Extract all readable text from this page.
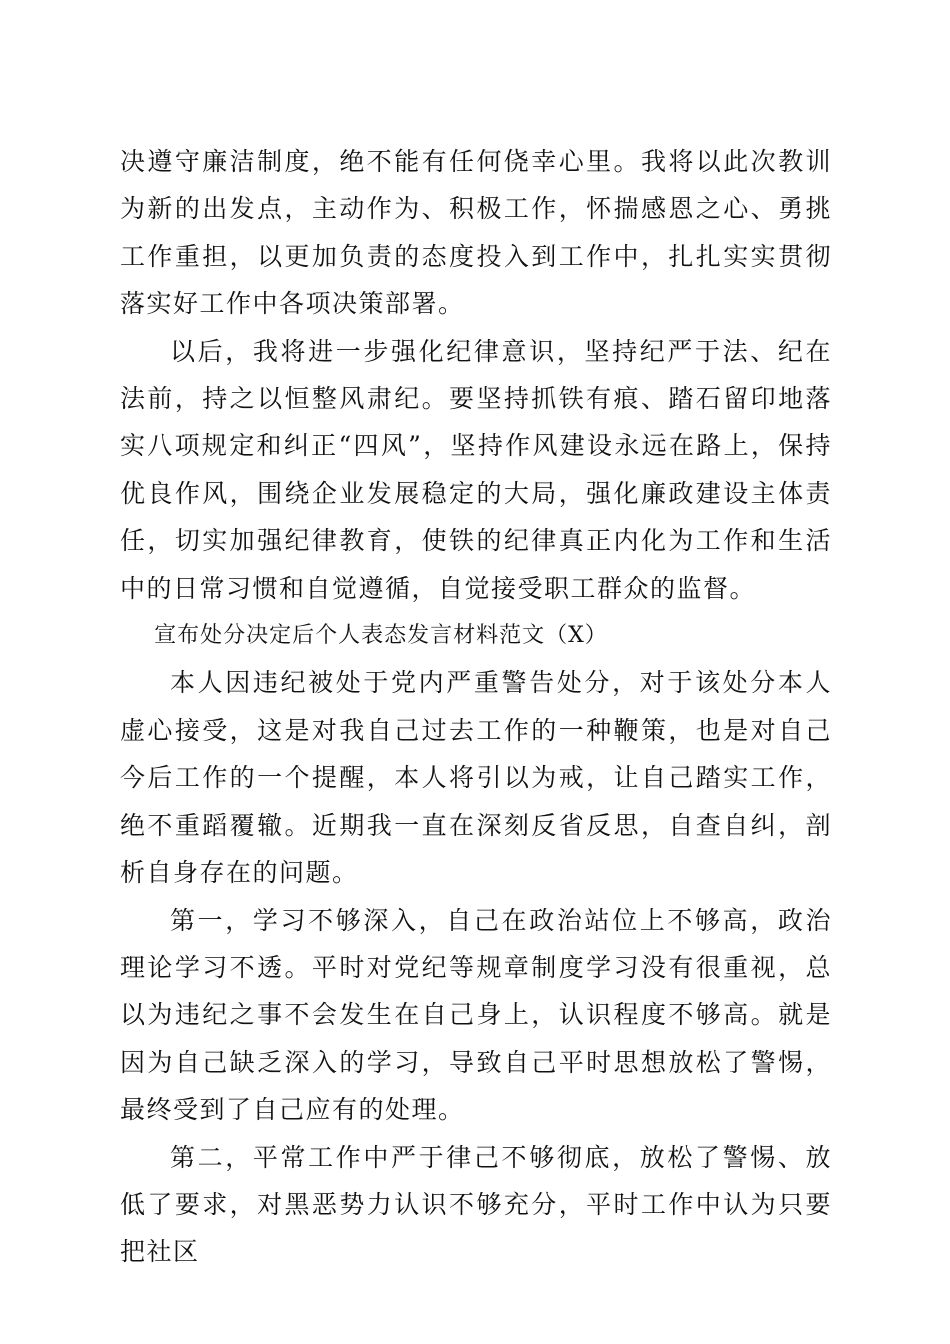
决遵守廉洁制度，绝不能有任何侥幸心里。我将以此次教训为新的出发点，主动作为、积极工作，怀揣感恩之心、勇挑工作重担，以更加负责的态度投入到工作中，扎扎实实贯彻落实好工作中各项决策部署。

以后，我将进一步强化纪律意识，坚持纪严于法、纪在法前，持之以恒整风肃纪。要坚持抓铁有痕、踏石留印地落实八项规定和纠正“四风”，坚持作风建设永远在路上，保持优良作风，围绕企业发展稳定的大局，强化廉政建设主体责任，切实加强纪律教育，使铁的纪律真正内化为工作和生活中的日常习惯和自觉遵循，自觉接受职工群众的监督。

宣布处分决定后个人表态发言材料范文（X）

本人因违纪被处于党内严重警告处分，对于该处分本人虚心接受，这是对我自己过去工作的一种鞭策，也是对自己今后工作的一个提醒，本人将引以为戒，让自己踏实工作，绝不重蹈覆辙。近期我一直在深刻反省反思，自查自纠，剖析自身存在的问题。

第一，学习不够深入，自己在政治站位上不够高，政治理论学习不透。平时对党纪等规章制度学习没有很重视，总以为违纪之事不会发生在自己身上，认识程度不够高。就是因为自己缺乏深入的学习，导致自己平时思想放松了警惕，最终受到了自己应有的处理。

第二，平常工作中严于律己不够彻底，放松了警惕、放低了要求，对黑恶势力认识不够充分，平时工作中认为只要把社区
